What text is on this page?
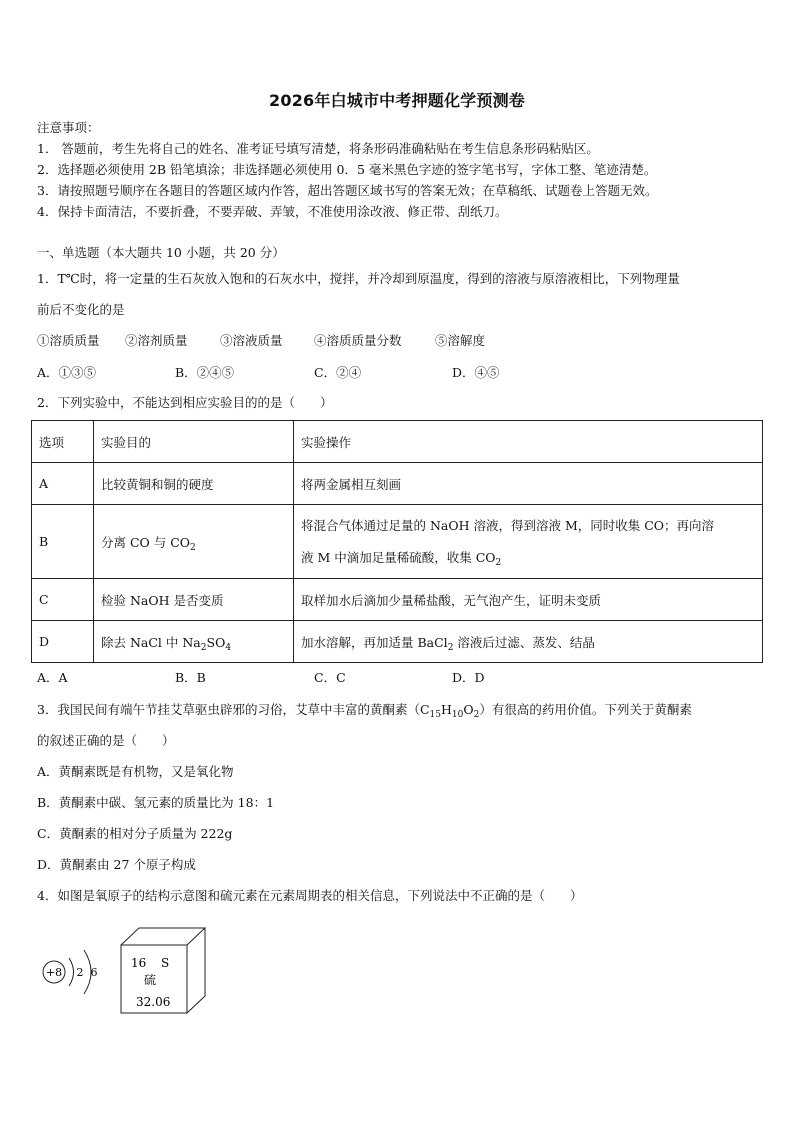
2026年白城市中考押题化学预测卷
注意事项：
1． 答题前，考生先将自己的姓名、准考证号填写清楚，将条形码准确粘贴在考生信息条形码粘贴区。
2．选择题必须使用 2B 铅笔填涂；非选择题必须使用 0．5 毫米黑色字迹的签字笔书写，字体工整、笔迹清楚。
3．请按照题号顺序在各题目的答题区域内作答，超出答题区域书写的答案无效；在草稿纸、试题卷上答题无效。
4．保持卡面清洁，不要折叠，不要弄破、弄皱，不准使用涂改液、修正带、刮纸刀。
一、单选题（本大题共 10 小题，共 20 分）
1．T℃时，将一定量的生石灰放入饱和的石灰水中，搅拌，并冷却到原温度，得到的溶液与原溶液相比，下列物理量
前后不变化的是
①溶质质量 ②溶剂质量	③溶液质量	④溶质质量分数	⑤溶解度
A．①③⑤	B．②④⑤	C．②④	D．④⑤
2．下列实验中，不能达到相应实验目的的是（　　）
选项	实验目的	实验操作
A	比较黄铜和铜的硬度	将两金属相互刻画
B	分离 CO 与 $CO_2$	将混合气体通过足量的 NaOH 溶液，得到溶液 M，同时收集 CO；再向溶
液 M 中滴加足量稀硫酸，收集 $CO_2$
C	检验 NaOH 是否变质	取样加水后滴加少量稀盐酸，无气泡产生，证明未变质
D	除去 NaCl 中 $Na_2SO_4$	加水溶解，再加适量 BaCl$_2$ 溶液后过滤、蒸发、结晶
A．A	B．B	C．C	D．D
3．我国民间有端午节挂艾草驱虫辟邪的习俗，艾草中丰富的黄酮素$(C_{15}H_{10}O_2)$有很高的药用价值。下列关于黄酮素
的叙述正确的是（　　）
A．黄酮素既是有机物，又是氧化物
B．黄酮素中碳、氢元素的质量比为 18：1
C．黄酮素的相对分子质量为 222g
D．黄酮素由 27 个原子构成
4．如图是氧原子的结构示意图和硫元素在元素周期表的相关信息，下列说法中不正确的是（　　）
+8 2 6
16 S
硫
32.06
